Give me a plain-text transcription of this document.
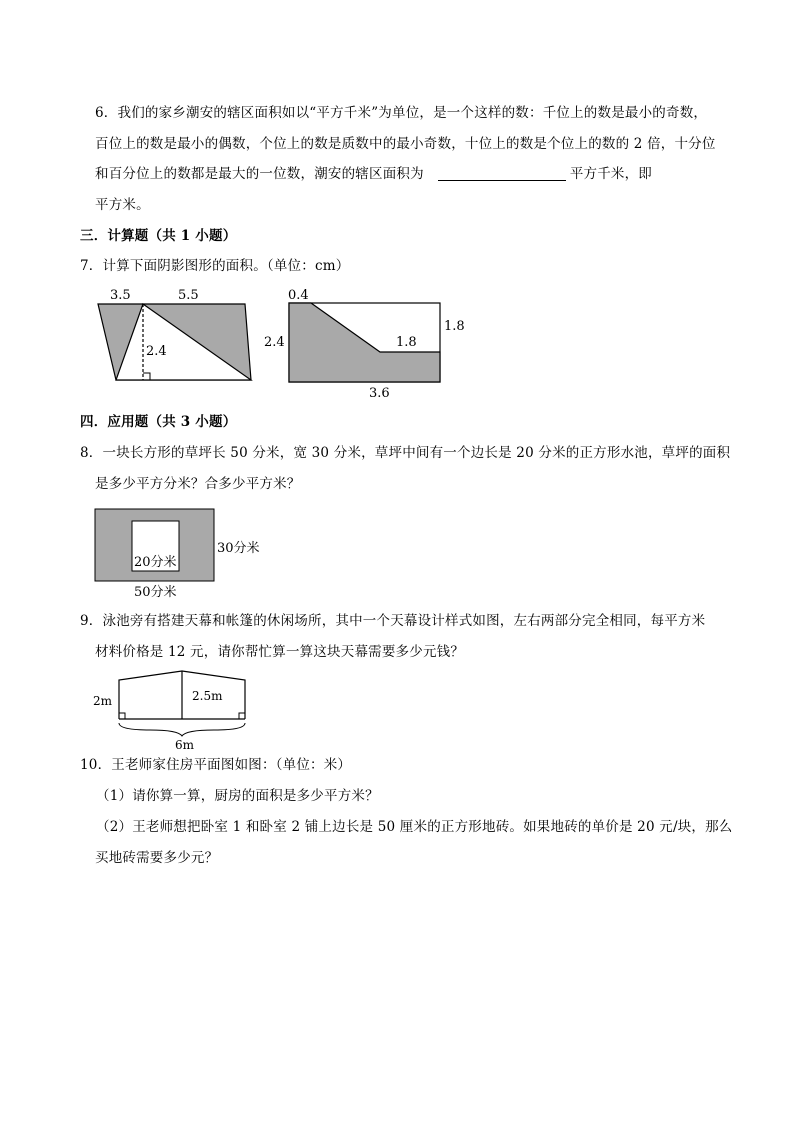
6．我们的家乡潮安的辖区面积如以“平方千米”为单位，是一个这样的数：千位上的数是最小的奇数，
百位上的数是最小的偶数，个位上的数是质数中的最小奇数，十位上的数是个位上的数的 2 倍，十分位
和百分位上的数都是最大的一位数，潮安的辖区面积为	平方千米，即
平方米。
三．计算题（共 1 小题）
7．计算下面阴影图形的面积。（单位：cm）
3.5	5.5
2.4
0.4
2.4
1.8
1.8
3.6
四．应用题（共 3 小题）
8．一块长方形的草坪长 50 分米，宽 30 分米，草坪中间有一个边长是 20 分米的正方形水池，草坪的面积
是多少平方分米？合多少平方米？
20分米
30分米
50分米
9．泳池旁有搭建天幕和帐篷的休闲场所，其中一个天幕设计样式如图，左右两部分完全相同，每平方米
材料价格是 12 元，请你帮忙算一算这块天幕需要多少元钱？
2m	2.5m
6m
10．王老师家住房平面图如图：（单位：米）
（1）请你算一算，厨房的面积是多少平方米？
（2）王老师想把卧室 1 和卧室 2 铺上边长是 50 厘米的正方形地砖。如果地砖的单价是 20 元/块，那么
买地砖需要多少元？
